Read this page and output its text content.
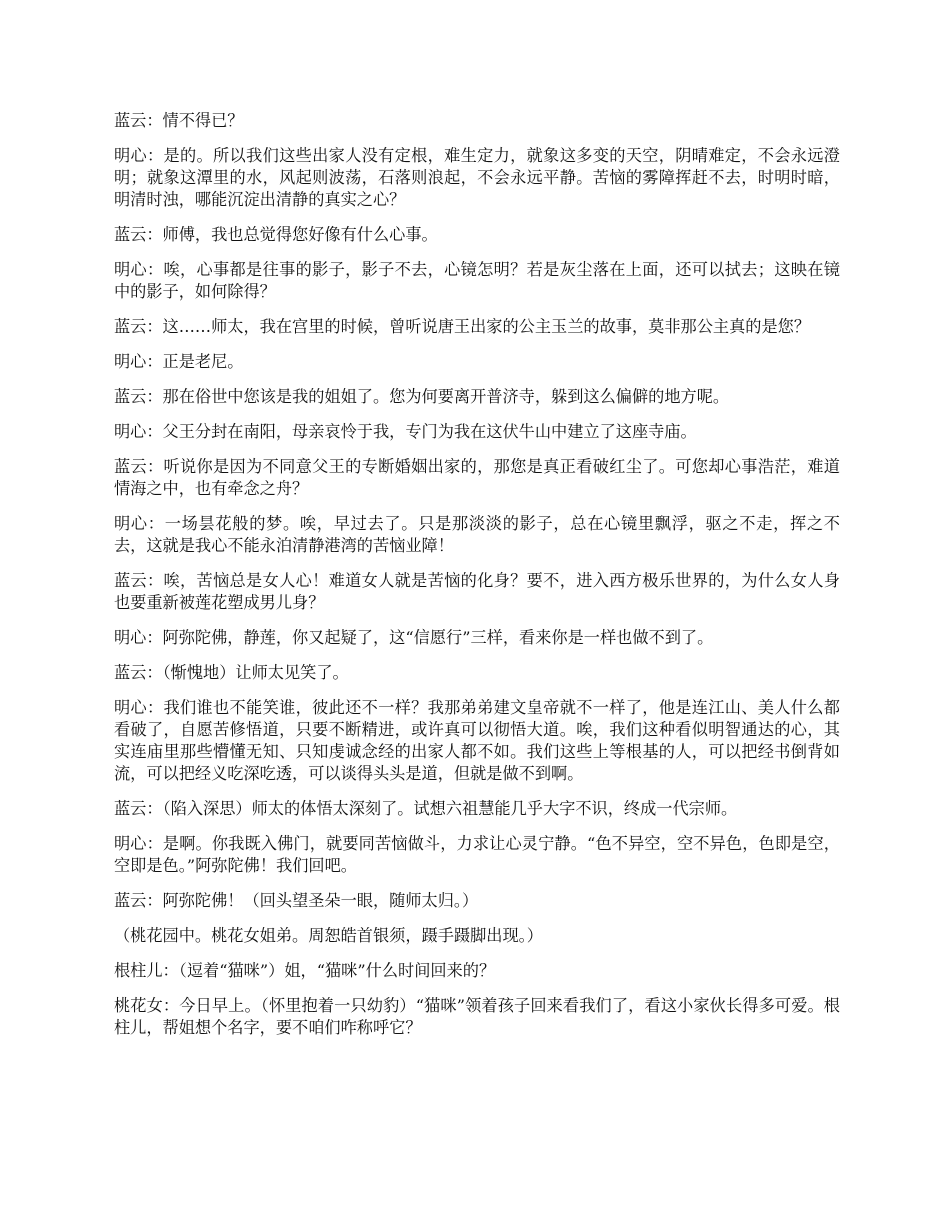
蓝云：情不得已？

明心：是的。所以我们这些出家人没有定根，难生定力，就象这多变的天空，阴晴难定，不会永远澄明；就象这潭里的水，风起则波荡，石落则浪起，不会永远平静。苦恼的雾障挥赶不去，时明时暗，明清时浊，哪能沉淀出清静的真实之心？

蓝云：师傅，我也总觉得您好像有什么心事。

明心：唉，心事都是往事的影子，影子不去，心镜怎明？若是灰尘落在上面，还可以拭去；这映在镜中的影子，如何除得？

蓝云：这……师太，我在宫里的时候，曾听说唐王出家的公主玉兰的故事，莫非那公主真的是您？

明心：正是老尼。

蓝云：那在俗世中您该是我的姐姐了。您为何要离开普济寺，躲到这么偏僻的地方呢。

明心：父王分封在南阳，母亲哀怜于我，专门为我在这伏牛山中建立了这座寺庙。

蓝云：听说你是因为不同意父王的专断婚姻出家的，那您是真正看破红尘了。可您却心事浩茫，难道情海之中，也有牵念之舟？

明心：一场昙花般的梦。唉，早过去了。只是那淡淡的影子，总在心镜里飘浮，驱之不走，挥之不去，这就是我心不能永泊清静港湾的苦恼业障！

蓝云：唉，苦恼总是女人心！难道女人就是苦恼的化身？要不，进入西方极乐世界的，为什么女人身也要重新被莲花塑成男儿身？

明心：阿弥陀佛，静莲，你又起疑了，这“信愿行”三样，看来你是一样也做不到了。

蓝云：（惭愧地）让师太见笑了。

明心：我们谁也不能笑谁，彼此还不一样？我那弟弟建文皇帝就不一样了，他是连江山、美人什么都看破了，自愿苦修悟道，只要不断精进，或许真可以彻悟大道。唉，我们这种看似明智通达的心，其实连庙里那些懵懂无知、只知虔诚念经的出家人都不如。我们这些上等根基的人，可以把经书倒背如流，可以把经义吃深吃透，可以谈得头头是道，但就是做不到啊。

蓝云：（陷入深思）师太的体悟太深刻了。试想六祖慧能几乎大字不识，终成一代宗师。

明心：是啊。你我既入佛门，就要同苦恼做斗，力求让心灵宁静。“色不异空，空不异色，色即是空，空即是色。”阿弥陀佛！我们回吧。

蓝云：阿弥陀佛！（回头望圣朵一眼，随师太归。）

（桃花园中。桃花女姐弟。周恕皓首银须，蹑手蹑脚出现。）

根柱儿：（逗着“猫咪”）姐，“猫咪”什么时间回来的？

桃花女：今日早上。（怀里抱着一只幼豹）“猫咪”领着孩子回来看我们了，看这小家伙长得多可爱。根柱儿，帮姐想个名字，要不咱们咋称呼它？
